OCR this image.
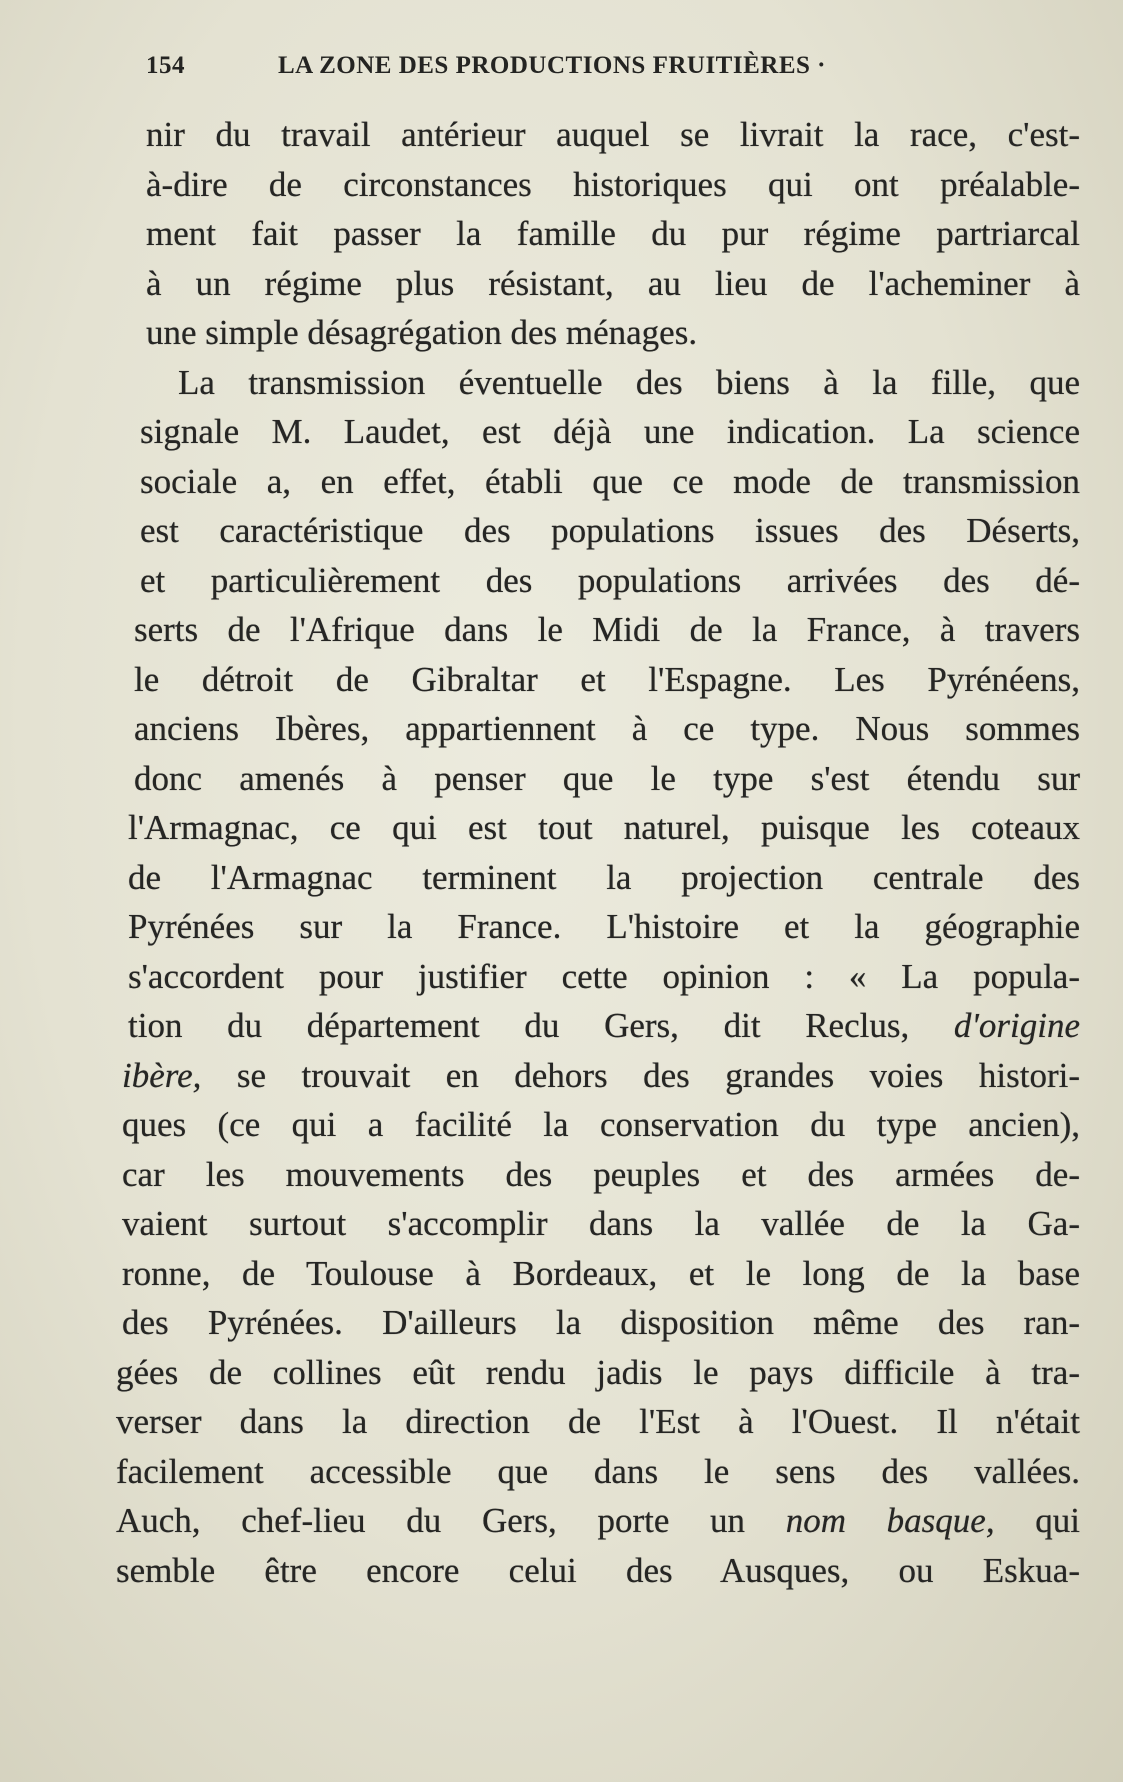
154	LA ZONE DES PRODUCTIONS FRUITIÈRES ·
nir du travail antérieur auquel se livrait la race, c'est-
à-dire de circonstances historiques qui ont préalable-
ment fait passer la famille du pur régime partriarcal
à un régime plus résistant, au lieu de l'acheminer à
une simple désagrégation des ménages.
La transmission éventuelle des biens à la fille, que
signale M. Laudet, est déjà une indication. La science
sociale a, en effet, établi que ce mode de transmission
est caractéristique des populations issues des Déserts,
et particulièrement des populations arrivées des dé-
serts de l'Afrique dans le Midi de la France, à travers
le détroit de Gibraltar et l'Espagne. Les Pyrénéens,
anciens Ibères, appartiennent à ce type. Nous sommes
donc amenés à penser que le type s'est étendu sur
l'Armagnac, ce qui est tout naturel, puisque les coteaux
de l'Armagnac terminent la projection centrale des
Pyrénées sur la France. L'histoire et la géographie
s'accordent pour justifier cette opinion : « La popula-
tion du département du Gers, dit Reclus, d'origine
ibère, se trouvait en dehors des grandes voies histori-
ques (ce qui a facilité la conservation du type ancien),
car les mouvements des peuples et des armées de-
vaient surtout s'accomplir dans la vallée de la Ga-
ronne, de Toulouse à Bordeaux, et le long de la base
des Pyrénées. D'ailleurs la disposition même des ran-
gées de collines eût rendu jadis le pays difficile à tra-
verser dans la direction de l'Est à l'Ouest. Il n'était
facilement accessible que dans le sens des vallées.
Auch, chef-lieu du Gers, porte un nom basque, qui
semble être encore celui des Ausques, ou Eskua-
